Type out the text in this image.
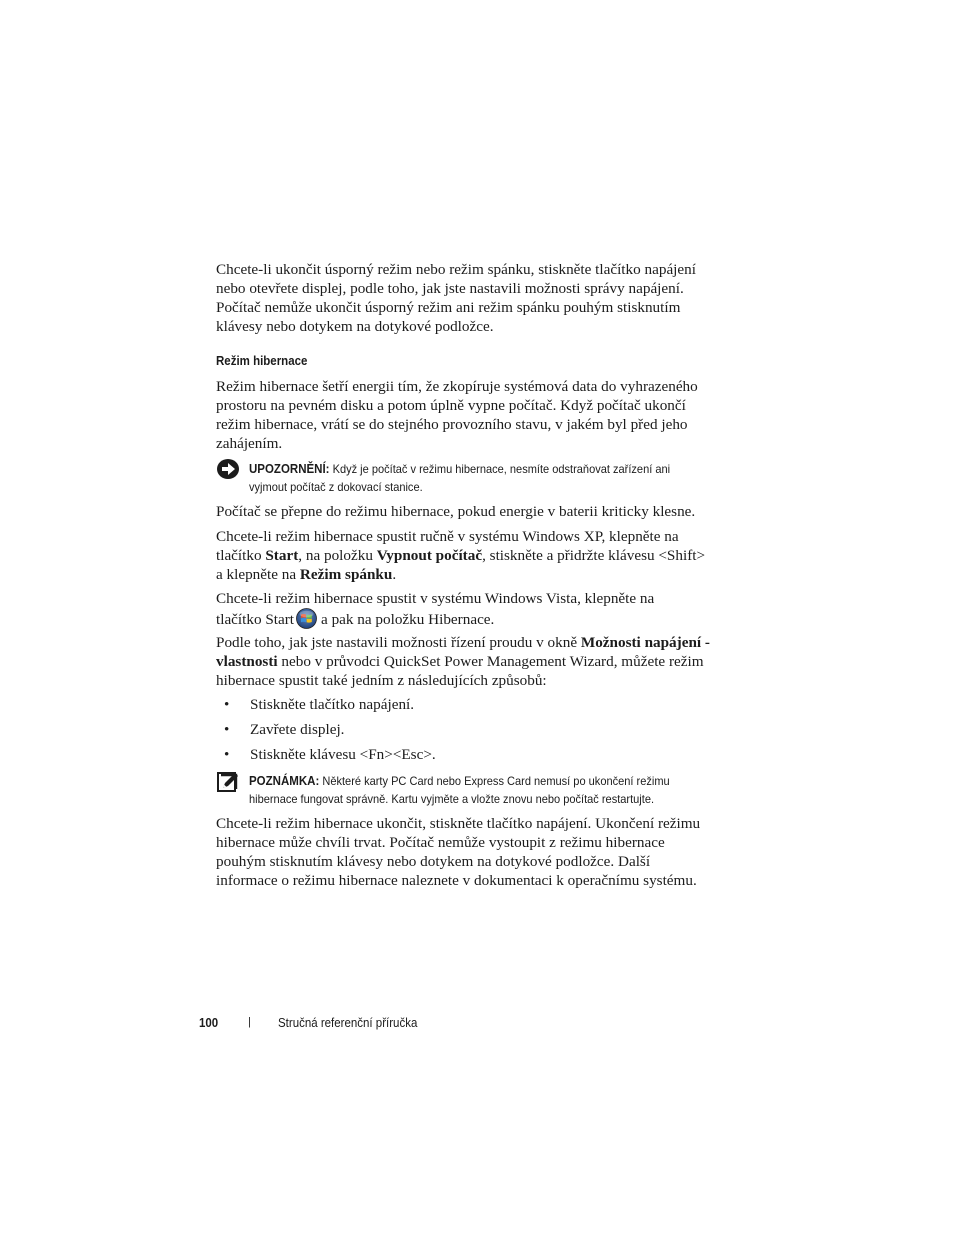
Chcete-li ukončit úsporný režim nebo režim spánku, stiskněte tlačítko napájení
nebo otevřete displej, podle toho, jak jste nastavili možnosti správy napájení.
Počítač nemůže ukončit úsporný režim ani režim spánku pouhým stisknutím
klávesy nebo dotykem na dotykové podložce.
Režim hibernace
Režim hibernace šetří energii tím, že zkopíruje systémová data do vyhrazeného
prostoru na pevném disku a potom úplně vypne počítač. Když počítač ukončí
režim hibernace, vrátí se do stejného provozního stavu, v jakém byl před jeho
zahájením.
UPOZORNĚNÍ: Když je počítač v režimu hibernace, nesmíte odstraňovat zařízení ani
vyjmout počítač z dokovací stanice.
Počítač se přepne do režimu hibernace, pokud energie v baterii kriticky klesne.
Chcete-li režim hibernace spustit ručně v systému Windows XP, klepněte na
tlačítko Start, na položku Vypnout počítač, stiskněte a přidržte klávesu <Shift>
a klepněte na Režim spánku.
Chcete-li režim hibernace spustit v systému Windows Vista, klepněte na
tlačítko Start a pak na položku Hibernace.
Podle toho, jak jste nastavili možnosti řízení proudu v okně Možnosti napájení -
vlastnosti nebo v průvodci QuickSet Power Management Wizard, můžete režim
hibernace spustit také jedním z následujících způsobů:
• Stiskněte tlačítko napájení.
• Zavřete displej.
• Stiskněte klávesu <Fn><Esc>.
POZNÁMKA: Některé karty PC Card nebo Express Card nemusí po ukončení režimu
hibernace fungovat správně. Kartu vyjměte a vložte znovu nebo počítač restartujte.
Chcete-li režim hibernace ukončit, stiskněte tlačítko napájení. Ukončení režimu
hibernace může chvíli trvat. Počítač nemůže vystoupit z režimu hibernace
pouhým stisknutím klávesy nebo dotykem na dotykové podložce. Další
informace o režimu hibernace naleznete v dokumentaci k operačnímu systému.
100	| Stručná referenční příručka
